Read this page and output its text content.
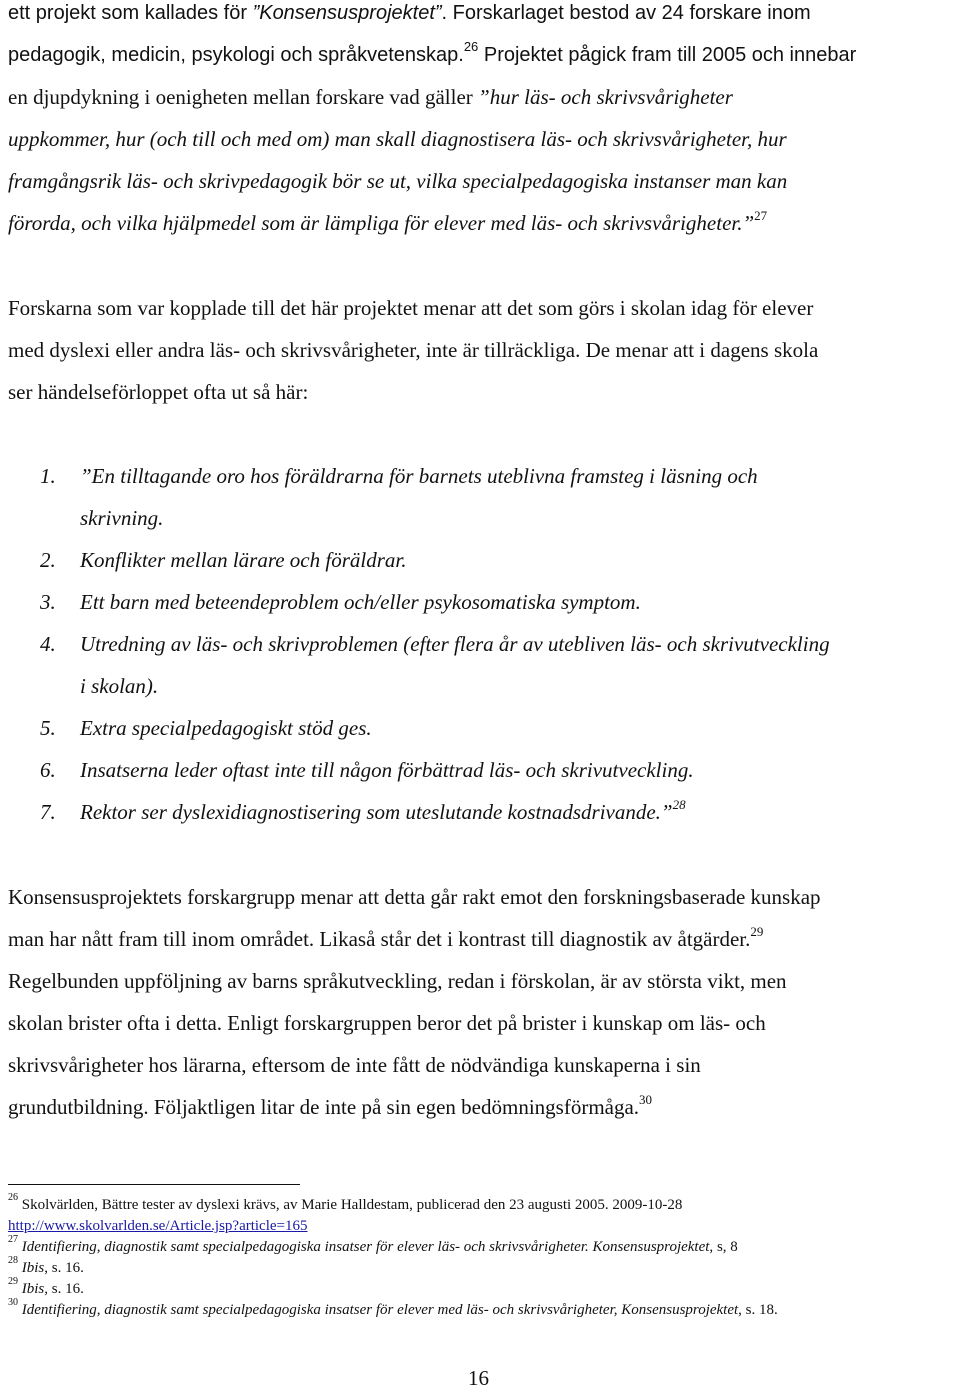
ett projekt som kallades för ”Konsensusprojektet”. Forskarlaget bestod av 24 forskare inom
pedagogik, medicin, psykologi och språkvetenskap.$^{26}$ Projektet pågick fram till 2005 och innebar
en djupdykning i oenigheten mellan forskare vad gäller ”hur läs- och skrivsvårigheter
uppkommer, hur (och till och med om) man skall diagnostisera läs- och skrivsvårigheter, hur
framgångsrik läs- och skrivpedagogik bör se ut, vilka specialpedagogiska instanser man kan
förorda, och vilka hjälpmedel som är lämpliga för elever med läs- och skrivsvårigheter.”$^{27}$
Forskarna som var kopplade till det här projektet menar att det som görs i skolan idag för elever
med dyslexi eller andra läs- och skrivsvårigheter, inte är tillräckliga. De menar att i dagens skola
ser händelseförloppet ofta ut så här:
1. ”En tilltagande oro hos föräldrarna för barnets uteblivna framsteg i läsning och
skrivning.
2. Konflikter mellan lärare och föräldrar.
3. Ett barn med beteendeproblem och/eller psykosomatiska symptom.
4. Utredning av läs- och skrivproblemen (efter flera år av utebliven läs- och skrivutveckling
i skolan).
5. Extra specialpedagogiskt stöd ges.
6. Insatserna leder oftast inte till någon förbättrad läs- och skrivutveckling.
7. Rektor ser dyslexidiagnostisering som uteslutande kostnadsdrivande.”$^{28}$
Konsensusprojektets forskargrupp menar att detta går rakt emot den forskningsbaserade kunskap
man har nått fram till inom området. Likaså står det i kontrast till diagnostik av åtgärder.$^{29}$
Regelbunden uppföljning av barns språkutveckling, redan i förskolan, är av största vikt, men
skolan brister ofta i detta. Enligt forskargruppen beror det på brister i kunskap om läs- och
skrivsvårigheter hos lärarna, eftersom de inte fått de nödvändiga kunskaperna i sin
grundutbildning. Följaktligen litar de inte på sin egen bedömningsförmåga.$^{30}$
$^{26}$ Skolvärlden, Bättre tester av dyslexi krävs, av Marie Halldestam, publicerad den 23 augusti 2005. 2009-10-28
http://www.skolvarlden.se/Article.jsp?article=165
$^{27}$ Identifiering, diagnostik samt specialpedagogiska insatser för elever läs- och skrivsvårigheter. Konsensusprojektet, s, 8
$^{28}$ Ibis, s. 16.
$^{29}$ Ibis, s. 16.
$^{30}$ Identifiering, diagnostik samt specialpedagogiska insatser för elever med läs- och skrivsvårigheter, Konsensusprojektet, s. 18.
16
